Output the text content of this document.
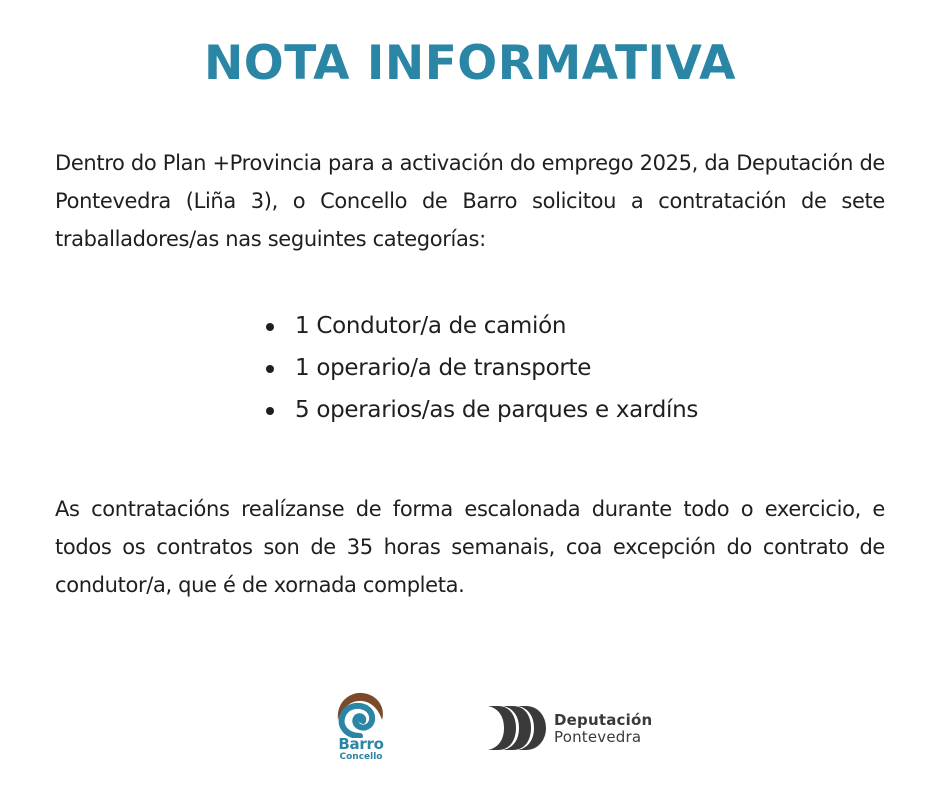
NOTA INFORMATIVA

Dentro do Plan +Provincia para a activación do emprego 2025, da Deputación de Pontevedra (Liña 3), o Concello de Barro solicitou a contratación de sete traballadores/as nas seguintes categorías:

1 Condutor/a de camión
1 operario/a de transporte
5 operarios/as de parques e xardíns

As contratacións realízanse de forma escalonada durante todo o exercicio, e todos os contratos son de 35 horas semanais, coa excepción do contrato de condutor/a, que é de xornada completa.

Barro
Concello
Deputación
Pontevedra
